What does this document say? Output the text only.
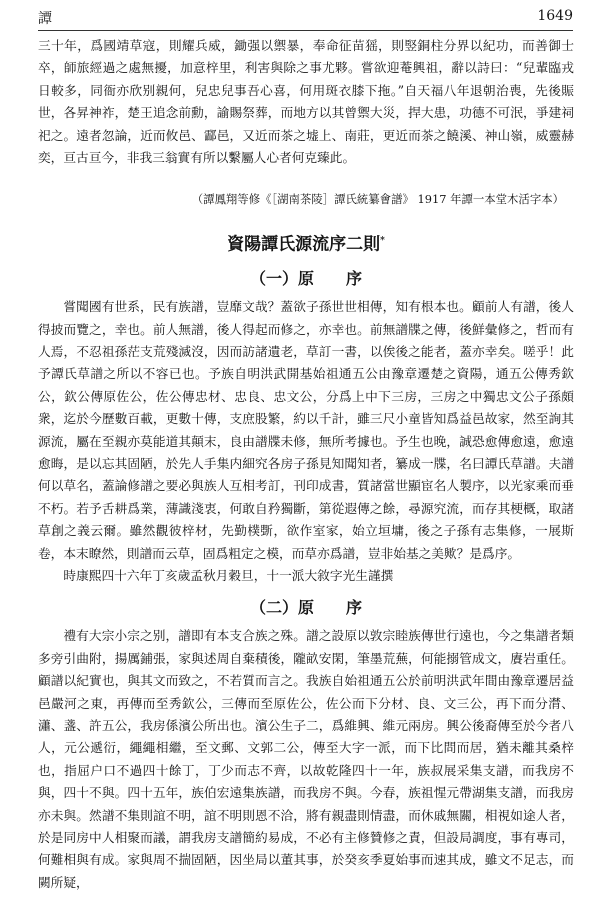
譚	1649

三十年，爲國靖草寇，則耀兵威，鋤强以禦暴，奉命征苗猺，則竪銅柱分界以紀功，而善御士卒，師旅經過之處無擾，加意梓里，利害與除之事尤夥。嘗欲迎菴興祖，辭以詩曰：“兒輩臨戎日較多，同衙亦欣别親何，兒忠兒事吾心喜，何用斑衣膝下拖。”自天福八年退朝治喪，先後賑世，各昇神祚，楚王追念前勳，諭賜祭葬，而地方以其曾禦大災，捍大患，功德不可泯，爭建祠祀之。遠者忽論，近而攸邑、酃邑，又近而茶之墟上、南莊，更近而茶之饒溪、神山嶺，威靈赫奕，亘古亘今，非我三翁實有所以繫屬人心者何克臻此。

（譚鳳翔等修《［湖南茶陵］譚氏統纂會譜》 1917 年譚一本堂木活字本）

資陽譚氏源流序二則*
（一）原　　序

嘗聞國有世系，民有族譜，豈靡文哉？蓋欲子孫世世相傳，知有根本也。顧前人有譜，後人得披而覽之，幸也。前人無譜，後人得起而修之，亦幸也。前無譜牒之傳，後鮮彙修之，哲而有人焉，不忍祖孫茫支荒殘滅沒，因而訪諸遺老，草訂一書，以俟後之能者，蓋亦幸矣。嗟乎！此予譚氏草譜之所以不容已也。予族自明洪武開基始祖通五公由豫章遷楚之資陽，通五公傳秀欽公，欽公傳原佐公，佐公傳忠材、忠良、忠文公，分爲上中下三房，三房之中獨忠文公子孫頗衆，迄於今歷數百載，更數十傳，支庶股繁，約以千計，雖三尺小童皆知爲益邑故家，然至詢其源流，屬在至親亦莫能道其顛末，良由譜牒未修，無所考據也。予生也晚，誠恐愈傳愈遠，愈遠愈晦，是以忘其固陋，於先人手集内細究各房子孫見知聞知者，纂成一牒，名曰譚氏草譜。夫譜何以草名，蓋論修譜之要必與族人互相考訂，刊印成書，質諸當世顯宦名人製序，以光家乘而垂不朽。若予舌耕爲業，薄識淺衷，何敢自矜獨斷，第從遐傳之餘，尋源究流，而存其梗概，取諸草創之義云爾。雖然觀彼梓材，先勤樸斲，欲作室家，始立垣墉，後之子孫有志集修，一展斯卷，本末瞭然，則譜而云草，固爲粗定之模，而草亦爲譜，豈非始基之美歟？是爲序。

時康熙四十六年丁亥歲孟秋月穀旦，十一派大敘字光生謹撰

（二）原　　序

禮有大宗小宗之别，譜即有本支合族之殊。譜之設原以敦宗睦族傳世行遠也，今之集譜者類多旁引曲附，揚厲鋪張，家與述周自棄積後，隴畝安閑，筆墨荒蕪，何能搦管成文，賡岩重任。顧譜以紀實也，與其文而致之，不若質而言之。我族自始祖通五公於前明洪武年間由豫章遷居益邑嚴河之東，再傳而至秀欽公，三傳而至原佐公，佐公而下分材、良、文三公，再下而分潸、瀟、盞、許五公，我房係濱公所出也。濱公生子二，爲維興、維元兩房。興公後裔傳至於今者八人，元公遞衍，繩繩相繼，至文郵、文郭二公，傳至大字一派，而下比問而居，猶未離其桑梓也，指屈户口不過四十餘丁，丁少而志不齊，以故乾隆四十一年，族叔展采集支譜，而我房不與，四十不與。四十五年，族伯宏遠集族譜，而我房不與。今春，族祖惺元帶湖集支譜，而我房亦未與。然譜不集則誼不明，誼不明則恩不洽，將有親盡則情盡，而休戚無關，相視如途人者，於是同房中人相聚而議，謂我房支譜簡約易成，不必有主修贊修之責，但設局調度，事有專司，何難相與有成。家與周不揣固陋，因坐局以董其事，於癸亥季夏始事而速其成，雖文不足志，而闕所疑，
